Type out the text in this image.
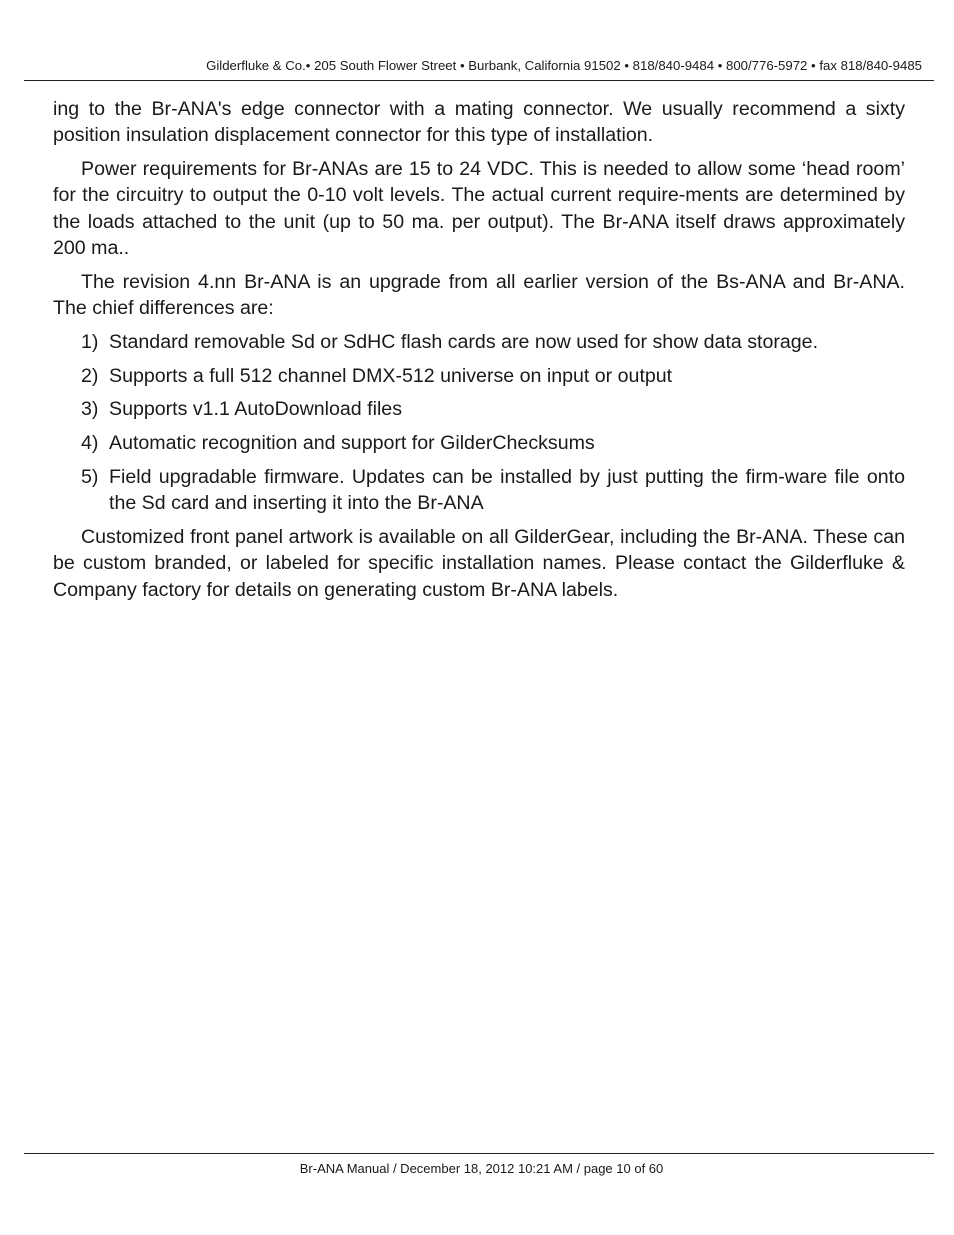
Gilderfluke & Co.• 205 South Flower Street • Burbank, California 91502 • 818/840-9484 • 800/776-5972 • fax 818/840-9485

ing to the Br-ANA's edge connector with a mating connector. We usually recommend a sixty position insulation displacement connector for this type of installation.

Power requirements for Br-ANAs are 15 to 24 VDC. This is needed to allow some ‘head room’ for the circuitry to output the 0-10 volt levels. The actual current require-ments are determined by the loads attached to the unit (up to 50 ma. per output). The Br-ANA itself draws approximately 200 ma..

The revision 4.nn Br-ANA is an upgrade from all earlier version of the Bs-ANA and Br-ANA. The chief differences are:

1) Standard removable Sd or SdHC flash cards are now used for show data storage.
2) Supports a full 512 channel DMX-512 universe on input or output
3) Supports v1.1 AutoDownload files
4) Automatic recognition and support for GilderChecksums
5) Field upgradable firmware. Updates can be installed by just putting the firm-ware file onto the Sd card and inserting it into the Br-ANA

Customized front panel artwork is available on all GilderGear, including the Br-ANA. These can be custom branded, or labeled for specific installation names. Please contact the Gilderfluke & Company factory for details on generating custom Br-ANA labels.

Br-ANA Manual / December 18, 2012 10:21 AM / page 10 of 60
